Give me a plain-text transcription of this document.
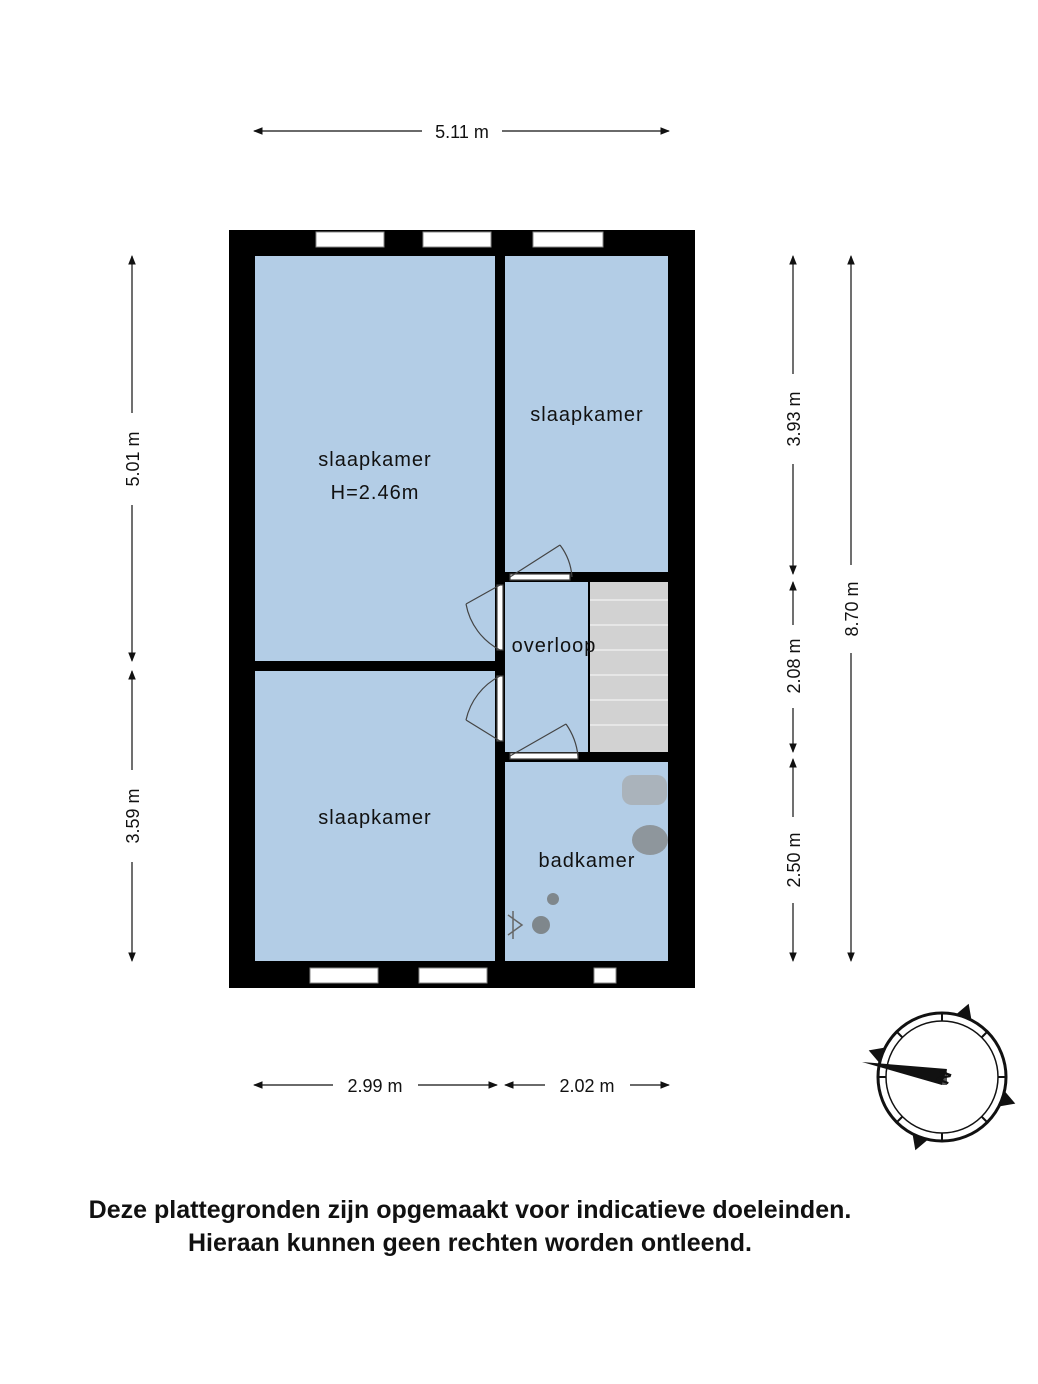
slaapkamer
H=2.46m
slaapkamer
overloop
slaapkamer
badkamer
5.11 m
5.01 m
3.59 m
3.93 m
2.08 m
2.50 m
8.70 m
2.99 m	2.02 m	N
Deze plattegronden zijn opgemaakt voor indicatieve doeleinden.
Hieraan kunnen geen rechten worden ontleend.
